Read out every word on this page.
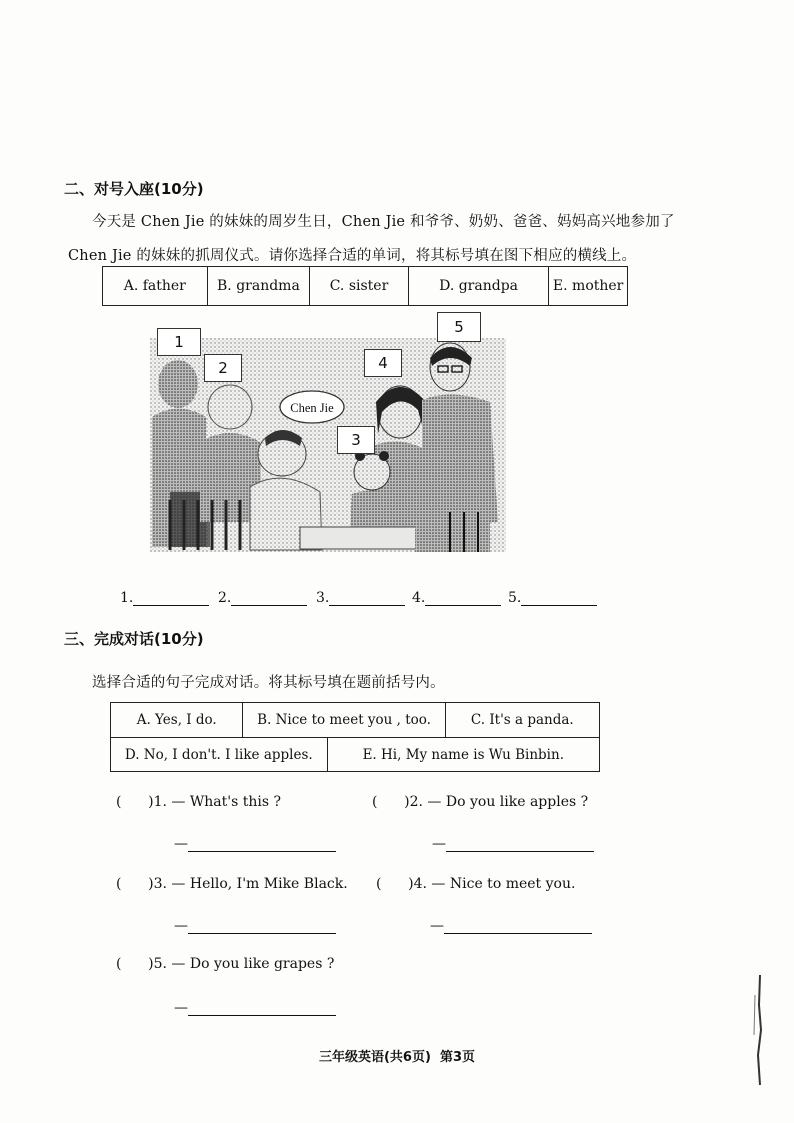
二、对号入座(10分)
今天是 Chen Jie 的妹妹的周岁生日，Chen Jie 和爷爷、奶奶、爸爸、妈妈高兴地参加了
Chen Jie 的妹妹的抓周仪式。请你选择合适的单词，将其标号填在图下相应的横线上。
A. father	B. grandma	C. sister	D. grandpa	E. mother
Chen Jie
1
2
3
4
5
1.	2.	3.	4.	5.
三、完成对话(10分)
选择合适的句子完成对话。将其标号填在题前括号内。
A. Yes, I do.	B. Nice to meet you , too.	C. It's a panda.
D. No, I don't. I like apples.	E. Hi, My name is Wu Binbin.
(      )1. — What's this ?
—
(      )2. — Do you like apples ?
—
(      )3. — Hello, I'm Mike Black.
—
(      )4. — Nice to meet you.
—
(      )5. — Do you like grapes ?
—
三年级英语(共6页)  第3页
